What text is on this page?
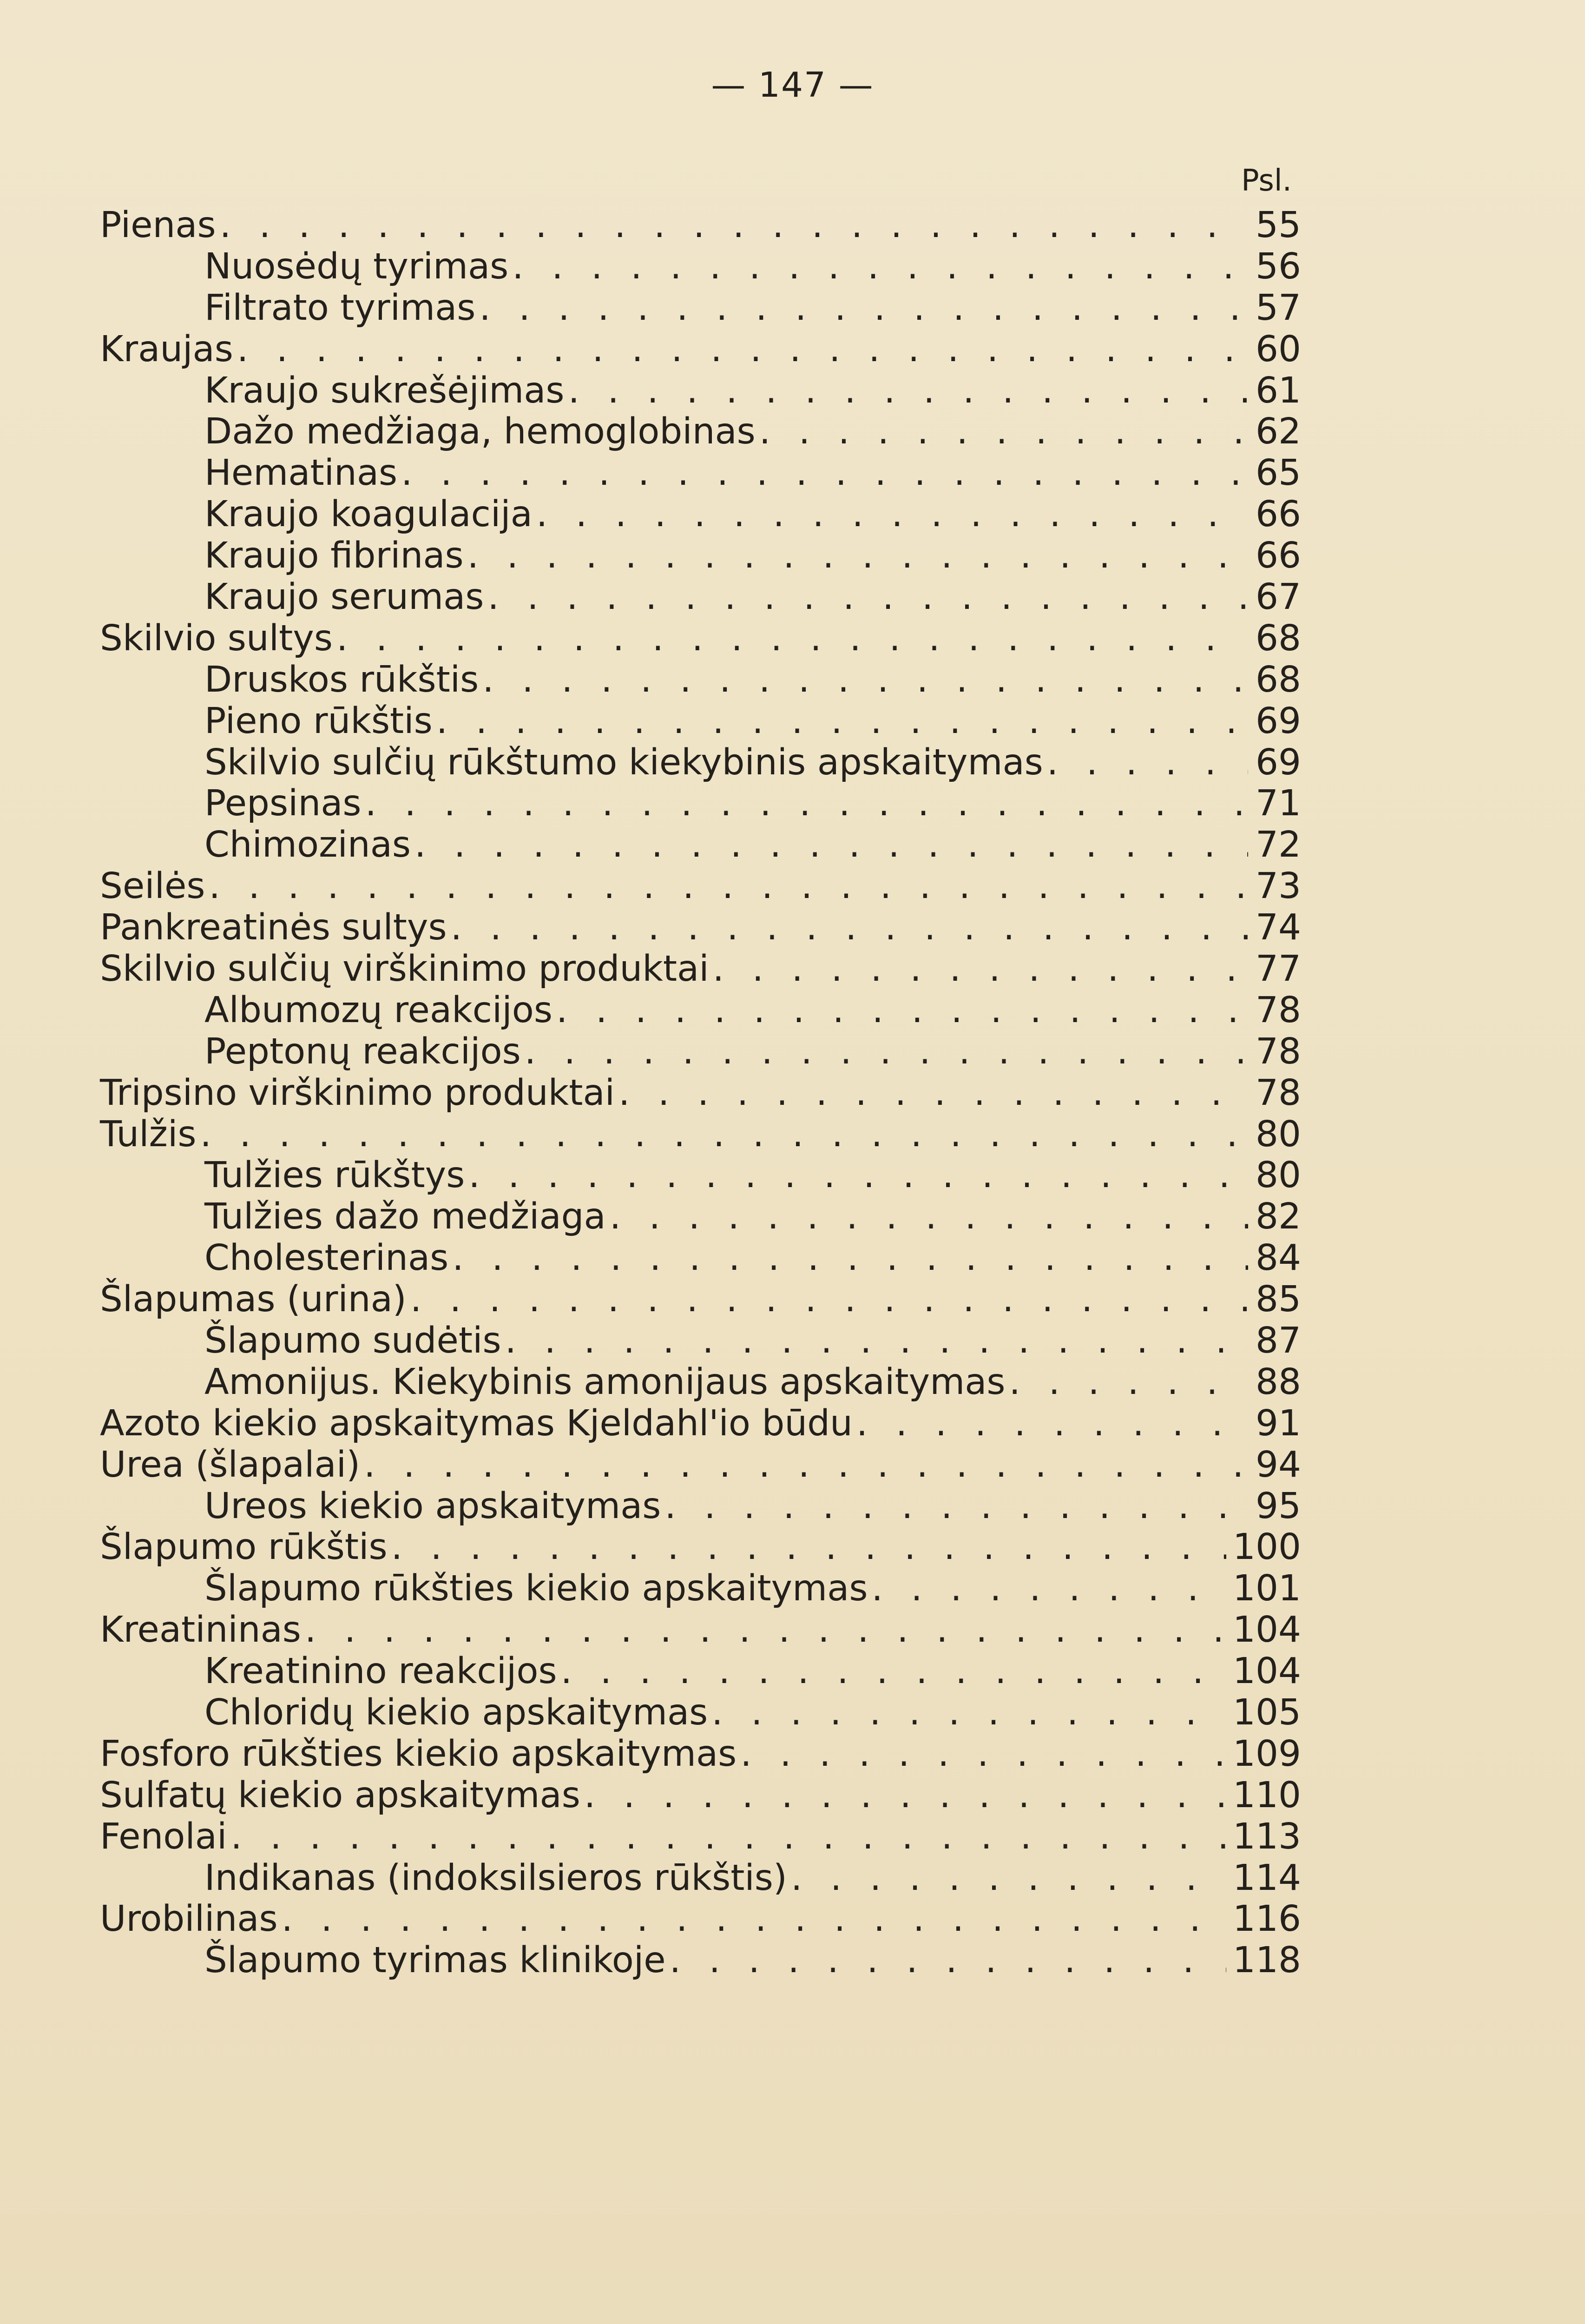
— 147 —
Psl.
Pienas . . .	55
Nuosėdų tyrimas . . .	56
Filtrato tyrimas . . .	57
Kraujas . . .	60
Kraujo sukrešėjimas . . .	61
Dažo medžiaga, hemoglobinas . . .	62
Hematinas . . .	65
Kraujo koagulacija . . .	66
Kraujo fibrinas . . .	66
Kraujo serumas . . .	67
Skilvio sultys . . .	68
Druskos rūkštis . . .	68
Pieno rūkštis . . .	69
Skilvio sulčių rūkštumo kiekybinis apskaitymas . . .	69
Pepsinas . . .	71
Chimozinas . . .	72
Seilės . . .	73
Pankreatinės sultys . . .	74
Skilvio sulčių virškinimo produktai . . .	77
Albumozų reakcijos . . .	78
Peptonų reakcijos . . .	78
Tripsino virškinimo produktai . . .	78
Tulžis . . .	80
Tulžies rūkštys . . .	80
Tulžies dažo medžiaga . . .	82
Cholesterinas . . .	84
Šlapumas (urina) . . .	85
Šlapumo sudėtis . . .	87
Amonijus. Kiekybinis amonijaus apskaitymas . . .	88
Azoto kiekio apskaitymas Kjeldahl'io būdu . . .	91
Urea (šlapalai) . . .	94
Ureos kiekio apskaitymas . . .	95
Šlapumo rūkštis . . .	100
Šlapumo rūkšties kiekio apskaitymas . . .	101
Kreatininas . . .	104
Kreatinino reakcijos . . .	104
Chloridų kiekio apskaitymas . . .	105
Fosforo rūkšties kiekio apskaitymas . . .	109
Sulfatų kiekio apskaitymas . . .	110
Fenolai . . .	113
Indikanas (indoksilsieros rūkštis) . . .	114
Urobilinas . . .	116
Šlapumo tyrimas klinikoje . . .	118
